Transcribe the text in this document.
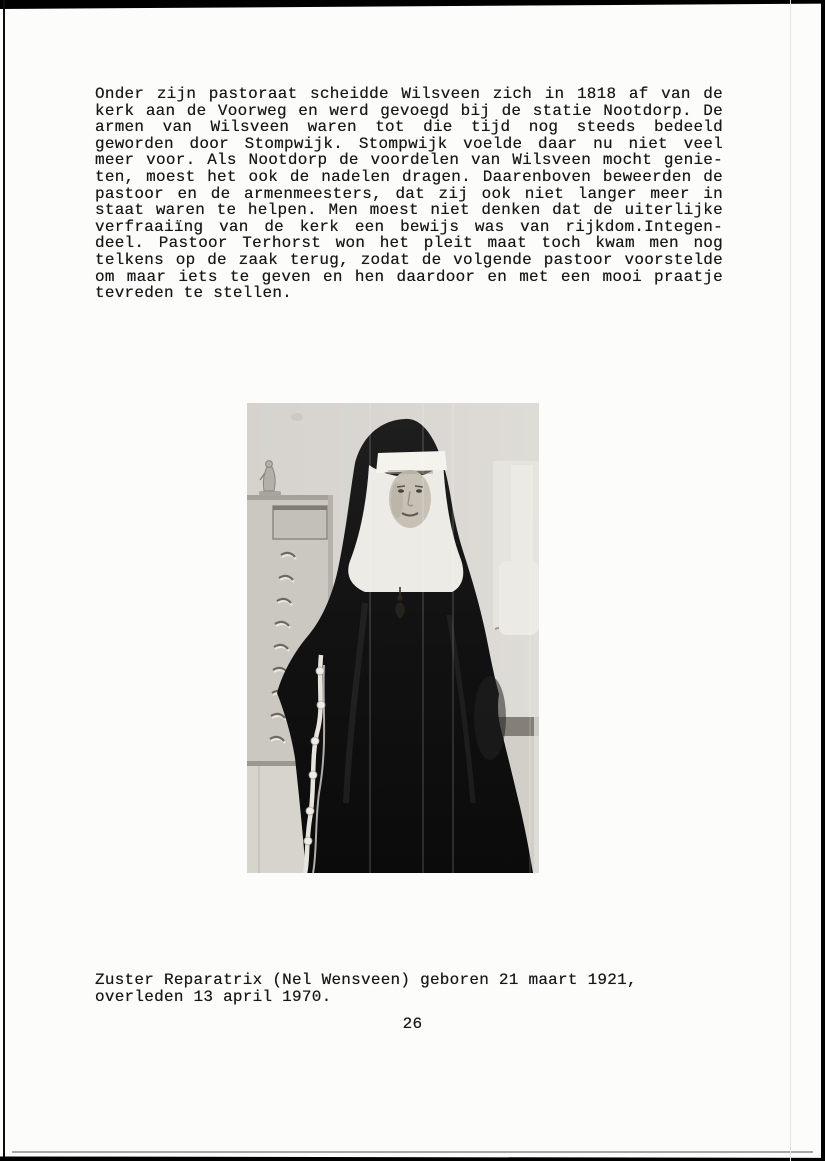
Onder zijn pastoraat scheidde Wilsveen zich in 1818 af van de
kerk aan de Voorweg en werd gevoegd bij de statie Nootdorp. De
armen van Wilsveen waren tot die tijd nog steeds bedeeld
geworden door Stompwijk. Stompwijk voelde daar nu niet veel
meer voor. Als Nootdorp de voordelen van Wilsveen mocht genie-
ten, moest het ook de nadelen dragen. Daarenboven beweerden de
pastoor en de armenmeesters, dat zij ook niet langer meer in
staat waren te helpen. Men moest niet denken dat de uiterlijke
verfraaiïng van de kerk een bewijs was van rijkdom.Integen-
deel. Pastoor Terhorst won het pleit maat toch kwam men nog
telkens op de zaak terug, zodat de volgende pastoor voorstelde
om maar iets te geven en hen daardoor en met een mooi praatje
tevreden te stellen.
Zuster Reparatrix (Nel Wensveen) geboren 21 maart 1921,
overleden 13 april 1970.
26
